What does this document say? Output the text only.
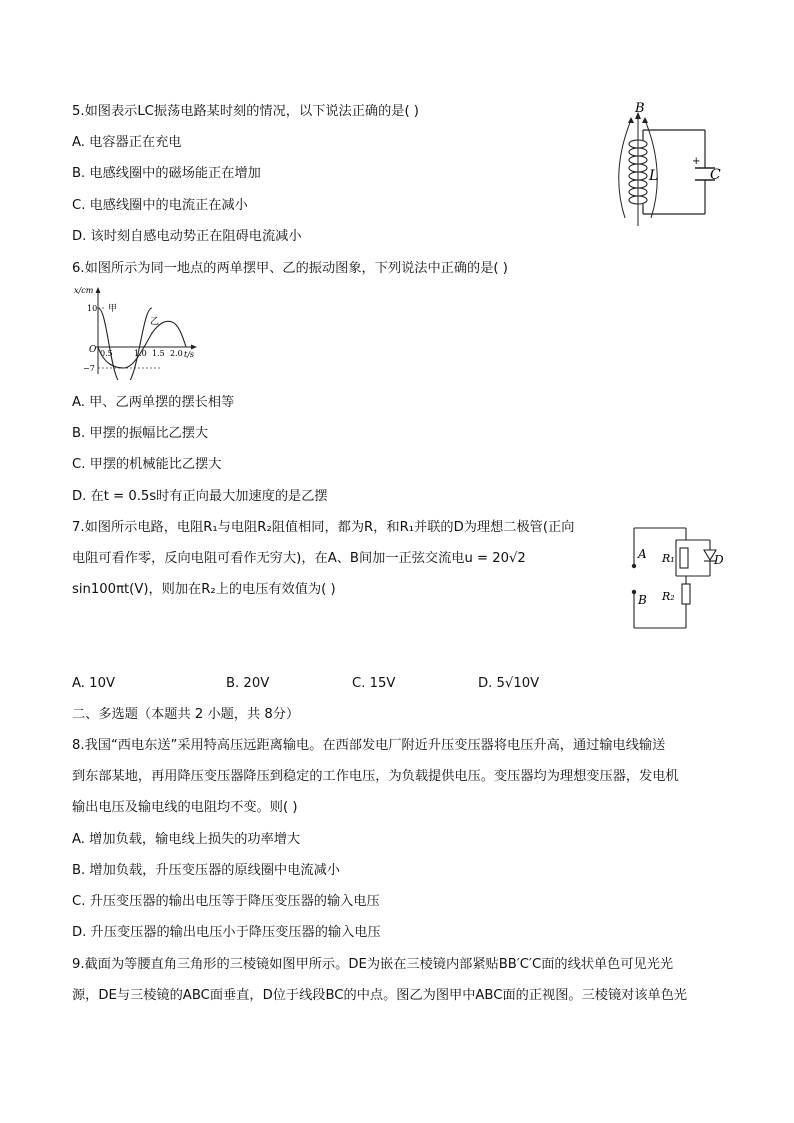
5.如图表示LC振荡电路某时刻的情况，以下说法正确的是( )
A. 电容器正在充电
B. 电感线圈中的磁场能正在增加
C. 电感线圈中的电流正在减小
D. 该时刻自感电动势正在阻碍电流减小
+
C
B
L
6.如图所示为同一地点的两单摆甲、乙的振动图象，下列说法中正确的是( )
x/cm
t/s
10
−7
O 0.5	1.0 1.5 2.0
甲
乙
A. 甲、乙两单摆的摆长相等
B. 甲摆的振幅比乙摆大
C. 甲摆的机械能比乙摆大
D. 在t = 0.5s时有正向最大加速度的是乙摆
7.如图所示电路，电阻R₁与电阻R₂阻值相同，都为R，和R₁并联的D为理想二极管(正向
电阻可看作零，反向电阻可看作无穷大)，在A、B间加一正弦交流电u = 20√2
sin100πt(V)，则加在R₂上的电压有效值为( )
A
B
R₁	D
R₂
A. 10V	B. 20V	C. 15V	D. 5√10V
二、多选题（本题共 2 小题，共 8分）
8.我国“西电东送”采用特高压远距离输电。在西部发电厂附近升压变压器将电压升高，通过输电线输送
到东部某地，再用降压变压器降压到稳定的工作电压，为负载提供电压。变压器均为理想变压器，发电机
输出电压及输电线的电阻均不变。则( )
A. 增加负载，输电线上损失的功率增大
B. 增加负载，升压变压器的原线圈中电流减小
C. 升压变压器的输出电压等于降压变压器的输入电压
D. 升压变压器的输出电压小于降压变压器的输入电压
9.截面为等腰直角三角形的三棱镜如图甲所示。DE为嵌在三棱镜内部紧贴BB′C′C面的线状单色可见光光
源，DE与三棱镜的ABC面垂直，D位于线段BC的中点。图乙为图甲中ABC面的正视图。三棱镜对该单色光
